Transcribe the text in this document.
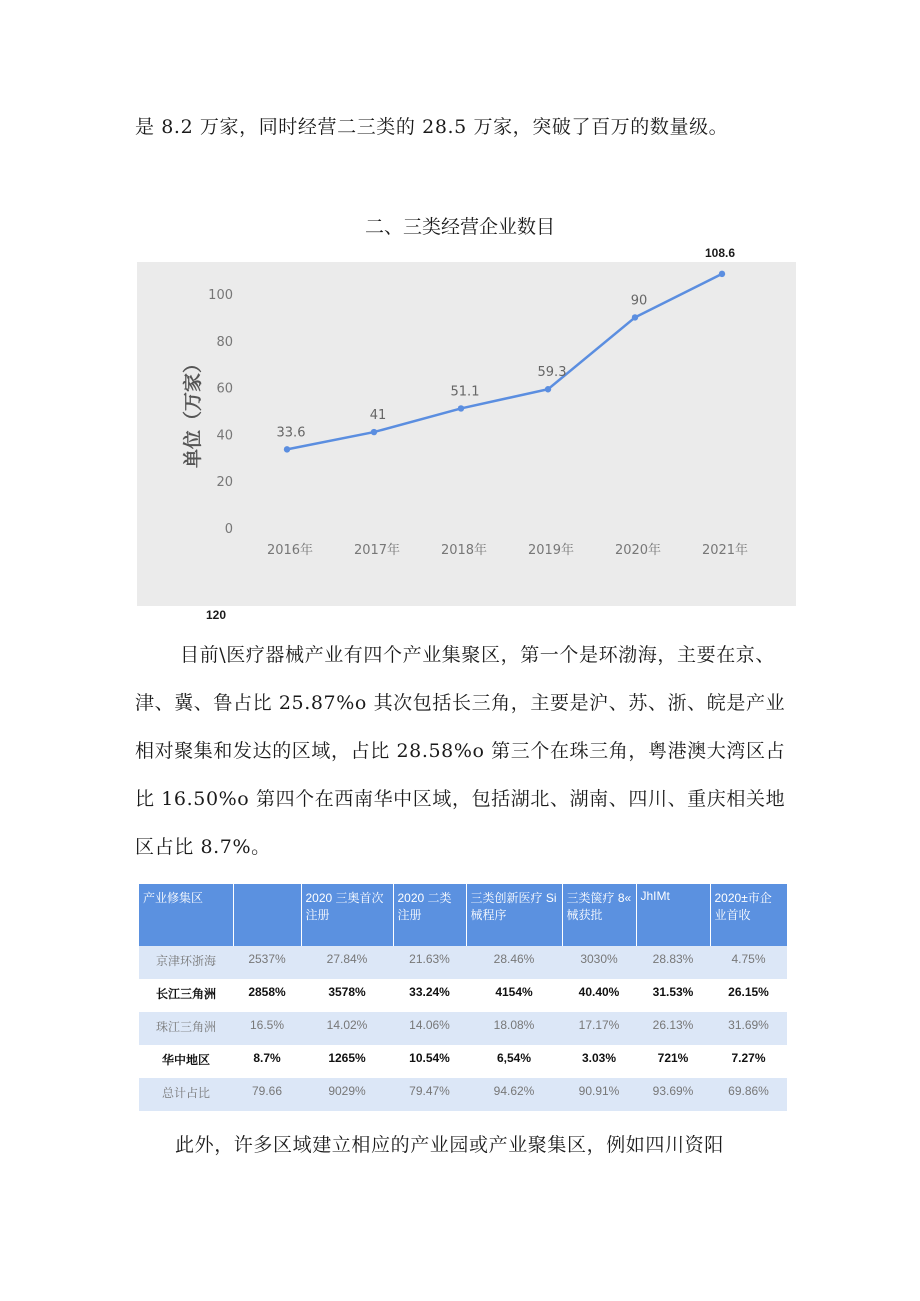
是 8.2 万家，同时经营二三类的 28.5 万家，突破了百万的数量级。
二、三类经营企业数目
108.6
0
20
40
60
80
100
2016年	2017年	2018年	2019年	2020年	2021年
单位（万家）	33.6
41
51.1
59.3
90
120
目前\医疗器械产业有四个产业集聚区，第一个是环渤海，主要在京、
津、冀、鲁占比 25.87%o 其次包括长三角，主要是沪、苏、浙、皖是产业
相对聚集和发达的区域，占比 28.58%o 第三个在珠三角，粤港澳大湾区占
比 16.50%o 第四个在西南华中区域，包括湖北、湖南、四川、重庆相关地
区占比 8.7%。
产业修集区		2020 三奥首次注册	2020 二类注册	三类创新医疗 Si 械程序	三类箧疗 8« 械获批	JhIMt	2020±市企业首收
京津环浙海	2537%	27.84%	21.63%	28.46%	3030%	28.83%	4.75%
长江三角洲	2858%	3578%	33.24%	4154%	40.40%	31.53%	26.15%
珠江三角洲	16.5%	14.02%	14.06%	18.08%	17.17%	26.13%	31.69%
华中地区	8.7%	1265%	10.54%	6,54%	3.03%	721%	7.27%
总计占比	79.66	9029%	79.47%	94.62%	90.91%	93.69%	69.86%
此外，许多区域建立相应的产业园或产业聚集区，例如四川资阳
